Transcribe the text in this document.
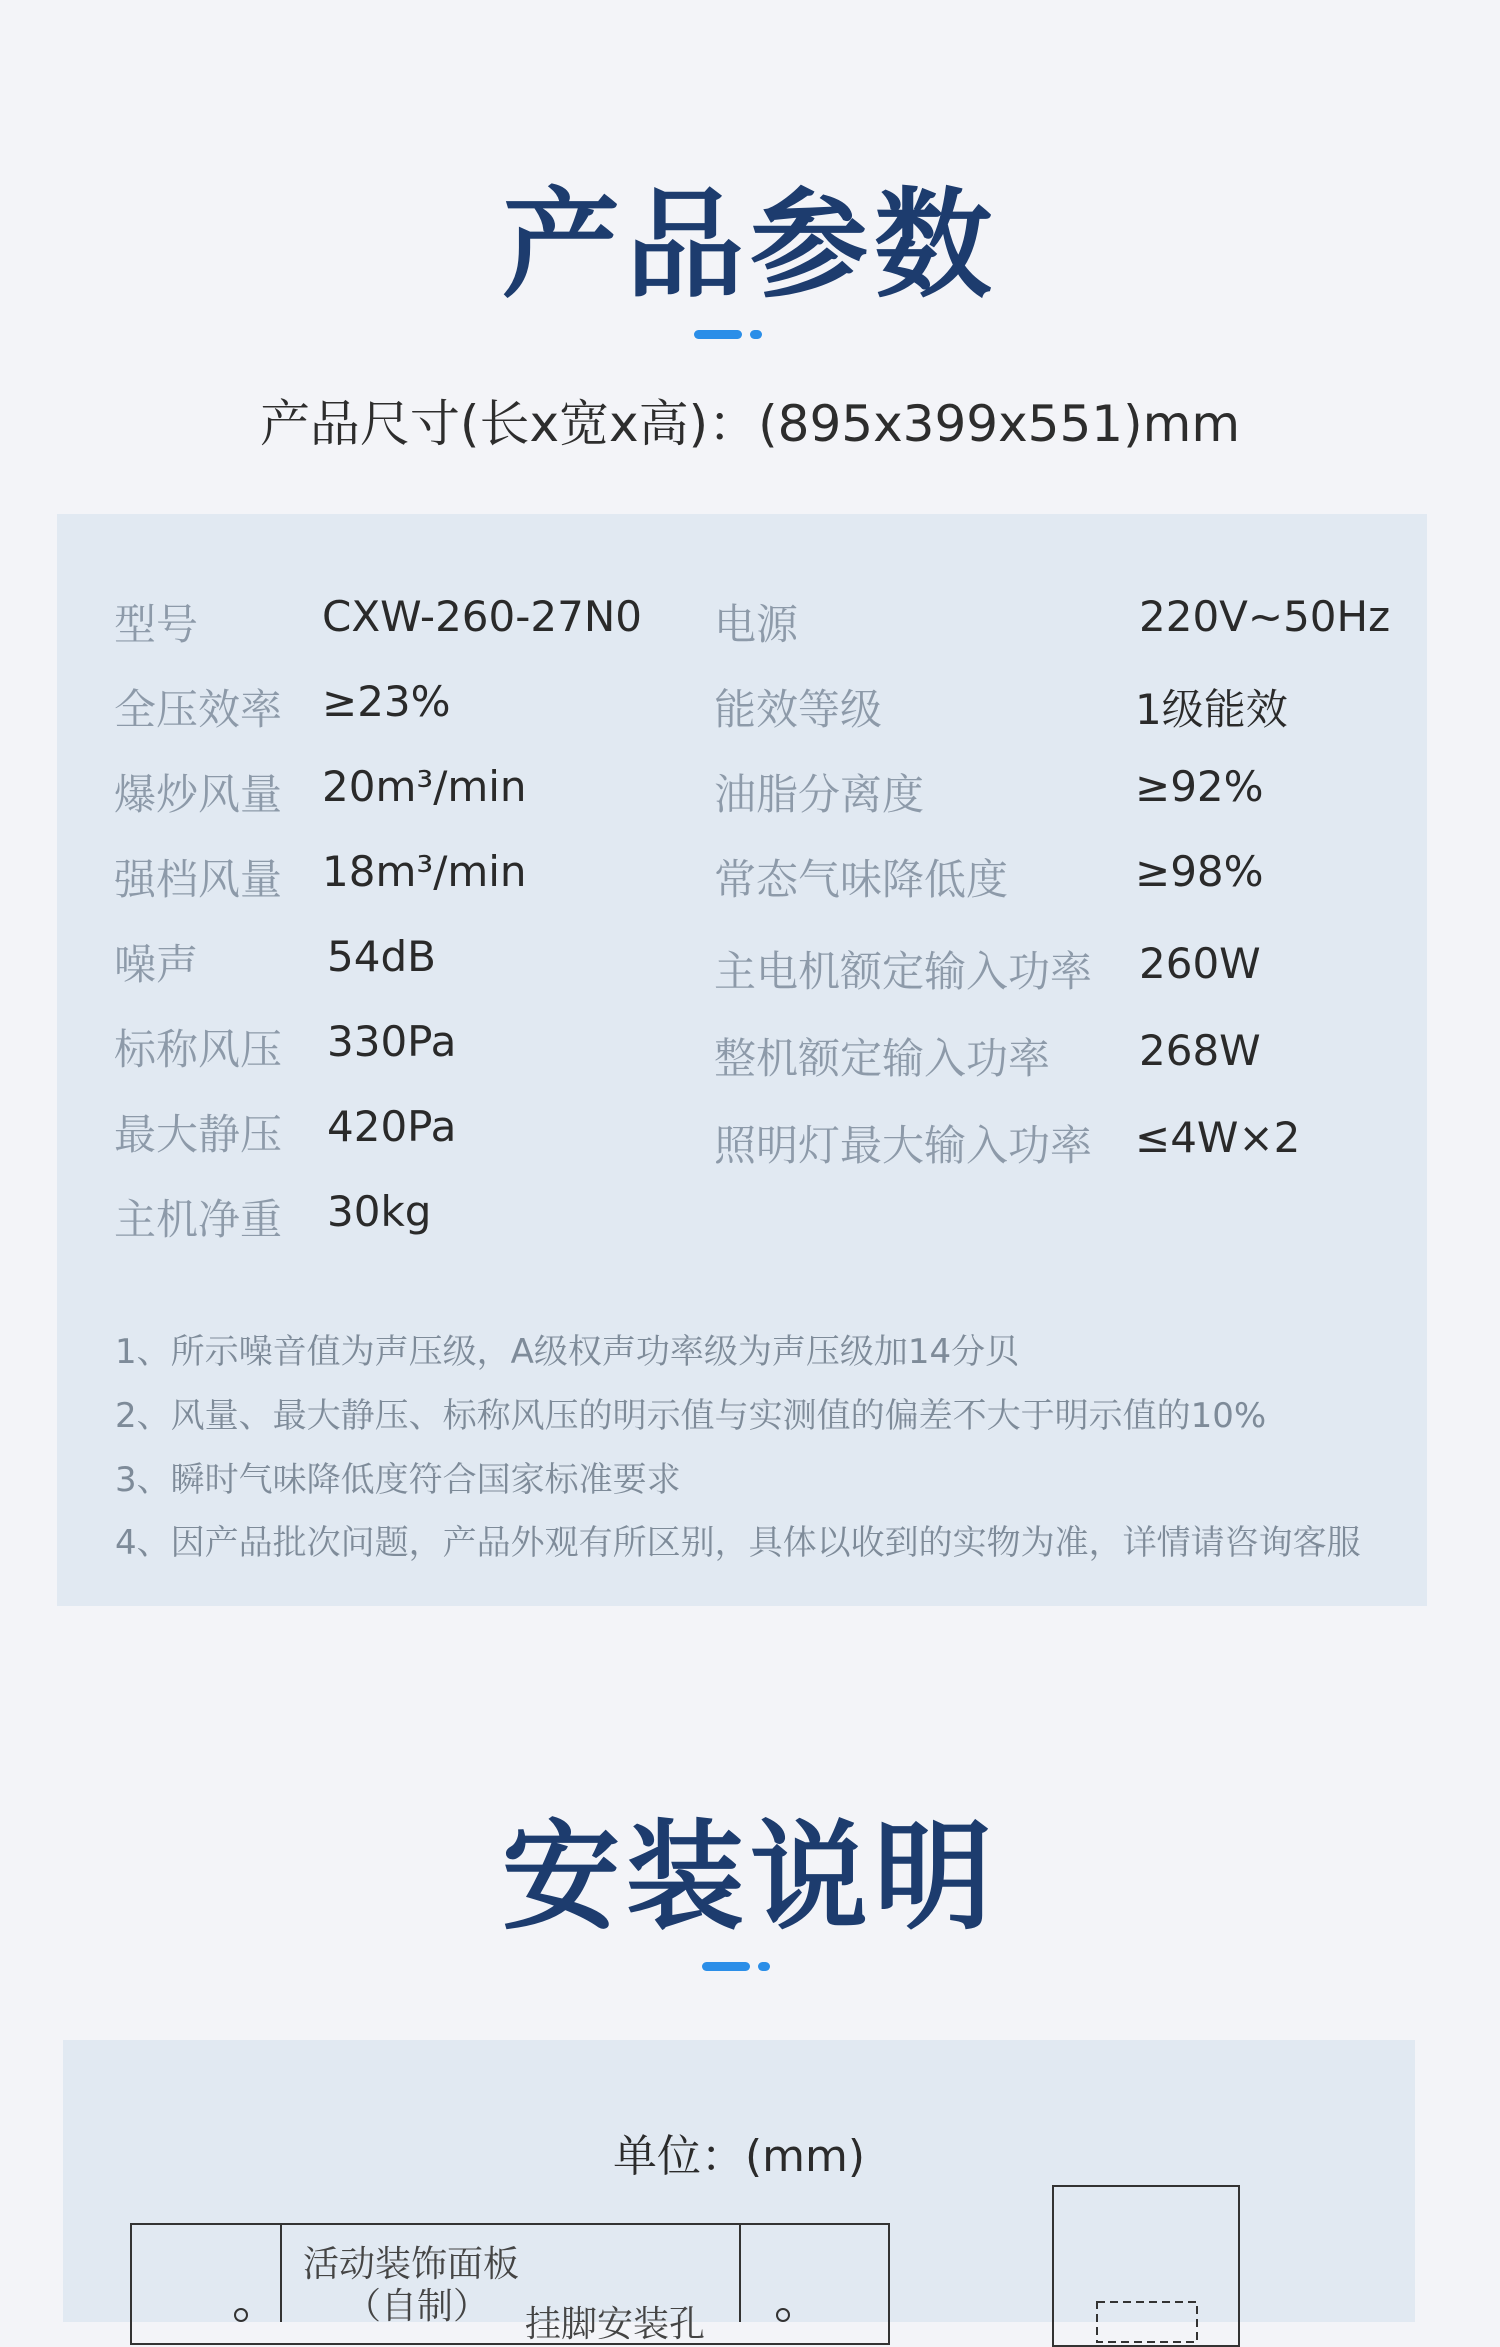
产品参数
产品尺寸(长x宽x高)：(895x399x551)mm
型号	CXW-260-27N0
全压效率 ≥23%
爆炒风量 20m³/min
强档风量 18m³/min
噪声	54dB
标称风压 330Pa
最大静压 420Pa
主机净重 30kg
电源	220V~50Hz
能效等级	1级能效
油脂分离度	≥92%
常态气味降低度	≥98%
主电机额定输入功率 260W
整机额定输入功率 268W
照明灯最大输入功率 ≤4W×2
1、所示噪音值为声压级，A级权声功率级为声压级加14分贝
2、风量、最大静压、标称风压的明示值与实测值的偏差不大于明示值的10%
3、瞬时气味降低度符合国家标准要求
4、因产品批次问题，产品外观有所区别，具体以收到的实物为准，详情请咨询客服
安装说明
单位：(mm)
活动装饰面板
（自制） 挂脚安装孔
